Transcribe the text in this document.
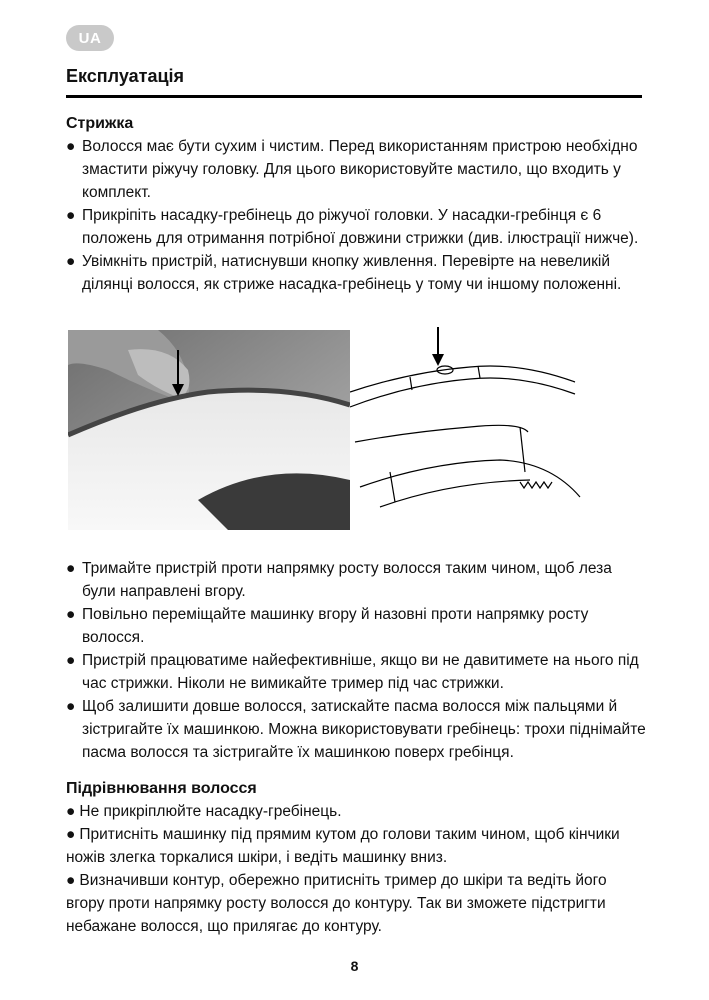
UA
Експлуатація
Стрижка

● Волосся має бути сухим і чистим. Перед використанням пристрою необхідно змастити ріжучу головку. Для цього використовуйте мастило, що входить у комплект.

● Прикріпіть насадку-гребінець до ріжучої головки. У насадки-гребінця є 6 положень для отримання потрібної довжини стрижки (див. ілюстрації нижче).

● Увімкніть пристрій, натиснувши кнопку живлення. Перевірте на невеликій ділянці волосся, як стриже насадка-гребінець у тому чи іншому положенні.

● Тримайте пристрій проти напрямку росту волосся таким чином, щоб леза були направлені вгору.

● Повільно переміщайте машинку вгору й назовні проти напрямку росту волосся.

● Пристрій працюватиме найефективніше, якщо ви не давитимете на нього під час стрижки. Ніколи не вимикайте тример під час стрижки.

● Щоб залишити довше волосся, затискайте пасма волосся між пальцями й зістригайте їх машинкою. Можна використовувати гребінець: трохи піднімайте пасма волосся та зістригайте їх машинкою поверх гребінця.

Підрівнювання волосся

● Не прикріплюйте насадку-гребінець.

● Притисніть машинку під прямим кутом до голови таким чином, щоб кінчики ножів злегка торкалися шкіри, і ведіть машинку вниз.

● Визначивши контур, обережно притисніть тример до шкіри та ведіть його вгору проти напрямку росту волосся до контуру. Так ви зможете підстригти небажане волосся, що прилягає до контуру.

8
